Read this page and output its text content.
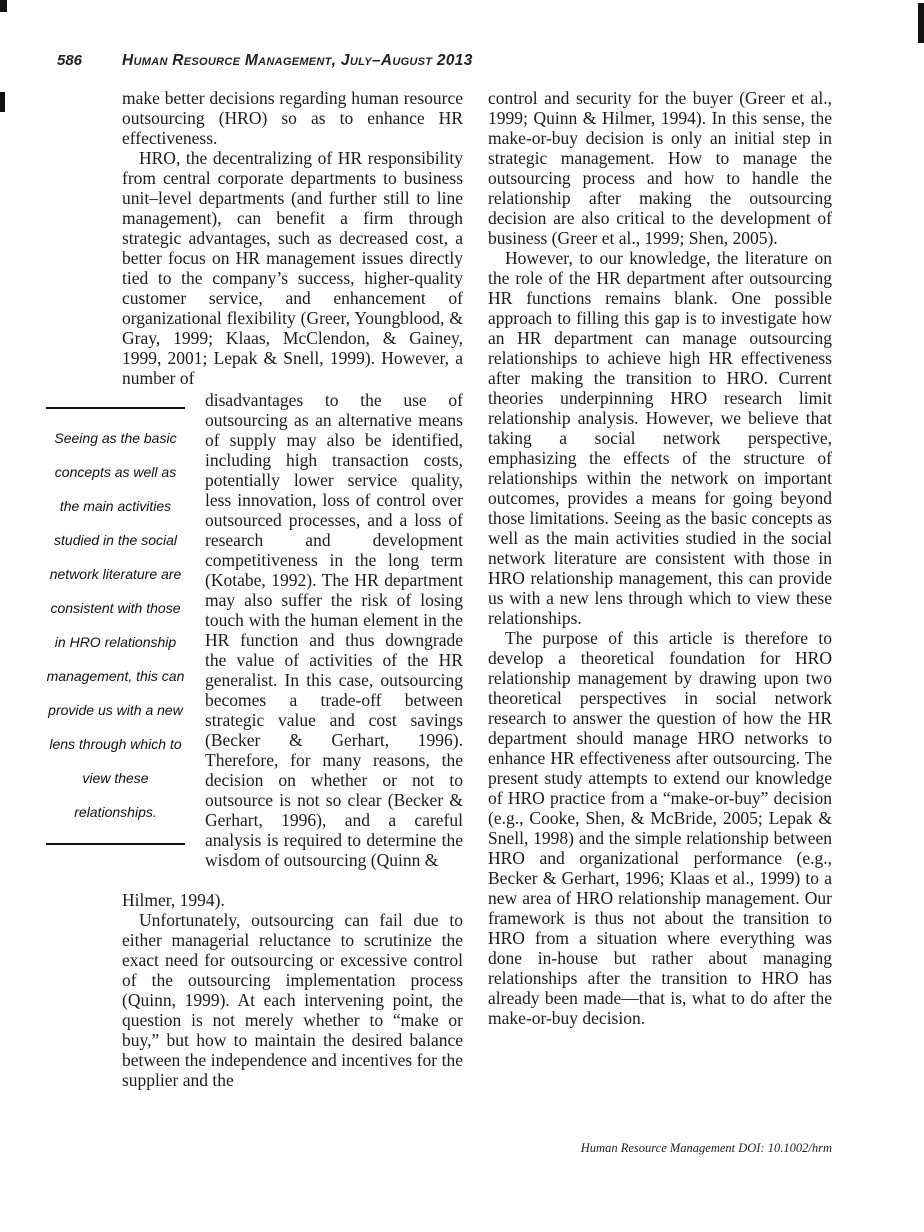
586	Human Resource Management, July–August 2013

make better decisions regarding human resource outsourcing (HRO) so as to enhance HR effectiveness.

HRO, the decentralizing of HR responsibility from central corporate departments to business unit–level departments (and further still to line management), can benefit a firm through strategic advantages, such as decreased cost, a better focus on HR management issues directly tied to the company’s success, higher-quality customer service, and enhancement of organizational flexibility (Greer, Youngblood, & Gray, 1999; Klaas, McClendon, & Gainey, 1999, 2001; Lepak & Snell, 1999). However, a number of

Seeing as the basic concepts as well as the main activities studied in the social network literature are consistent with those in HRO relationship management, this can provide us with a new lens through which to view these relationships.

disadvantages to the use of outsourcing as an alternative means of supply may also be identified, including high transaction costs, potentially lower service quality, less innovation, loss of control over outsourced processes, and a loss of research and development competitiveness in the long term (Kotabe, 1992). The HR department may also suffer the risk of losing touch with the human element in the HR function and thus downgrade the value of activities of the HR generalist. In this case, outsourcing becomes a trade-off between strategic value and cost savings (Becker & Gerhart, 1996). Therefore, for many reasons, the decision on whether or not to outsource is not so clear (Becker & Gerhart, 1996), and a careful analysis is required to determine the wisdom of outsourcing (Quinn &

Hilmer, 1994).

Unfortunately, outsourcing can fail due to either managerial reluctance to scrutinize the exact need for outsourcing or excessive control of the outsourcing implementation process (Quinn, 1999). At each intervening point, the question is not merely whether to “make or buy,” but how to maintain the desired balance between the independence and incentives for the supplier and the

control and security for the buyer (Greer et al., 1999; Quinn & Hilmer, 1994). In this sense, the make-or-buy decision is only an initial step in strategic management. How to manage the outsourcing process and how to handle the relationship after making the outsourcing decision are also critical to the development of business (Greer et al., 1999; Shen, 2005).

However, to our knowledge, the literature on the role of the HR department after outsourcing HR functions remains blank. One possible approach to filling this gap is to investigate how an HR department can manage outsourcing relationships to achieve high HR effectiveness after making the transition to HRO. Current theories underpinning HRO research limit relationship analysis. However, we believe that taking a social network perspective, emphasizing the effects of the structure of relationships within the network on important outcomes, provides a means for going beyond those limitations. Seeing as the basic concepts as well as the main activities studied in the social network literature are consistent with those in HRO relationship management, this can provide us with a new lens through which to view these relationships.

The purpose of this article is therefore to develop a theoretical foundation for HRO relationship management by drawing upon two theoretical perspectives in social network research to answer the question of how the HR department should manage HRO networks to enhance HR effectiveness after outsourcing. The present study attempts to extend our knowledge of HRO practice from a “make-or-buy” decision (e.g., Cooke, Shen, & McBride, 2005; Lepak & Snell, 1998) and the simple relationship between HRO and organizational performance (e.g., Becker & Gerhart, 1996; Klaas et al., 1999) to a new area of HRO relationship management. Our framework is thus not about the transition to HRO from a situation where everything was done in-house but rather about managing relationships after the transition to HRO has already been made—that is, what to do after the make-or-buy decision.

Human Resource Management DOI: 10.1002/hrm
